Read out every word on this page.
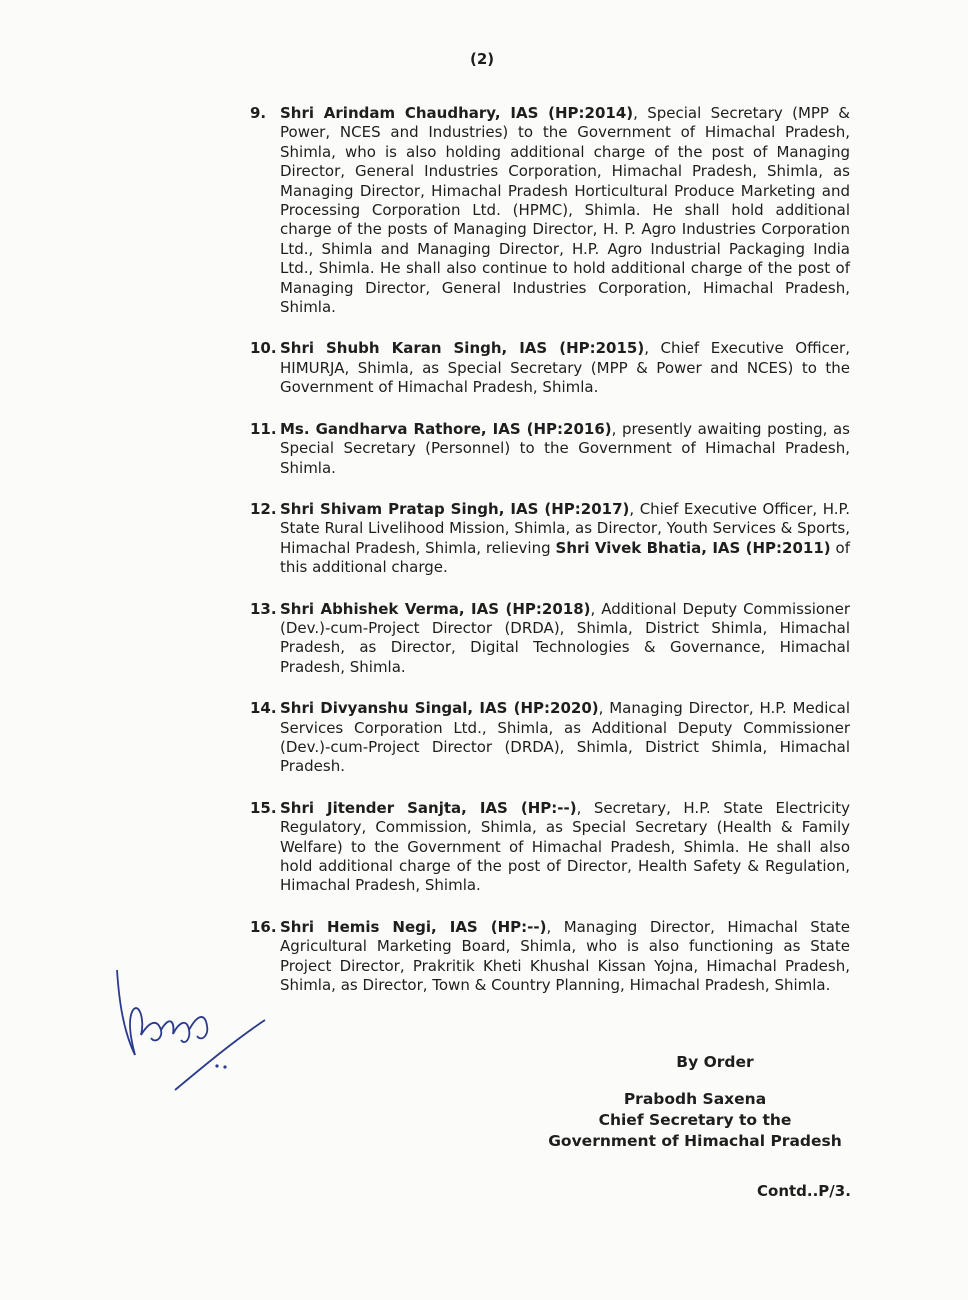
(2)
9. Shri Arindam Chaudhary, IAS (HP:2014), Special Secretary (MPP & Power, NCES and Industries) to the Government of Himachal Pradesh, Shimla, who is also holding additional charge of the post of Managing Director, General Industries Corporation, Himachal Pradesh, Shimla, as Managing Director, Himachal Pradesh Horticultural Produce Marketing and Processing Corporation Ltd. (HPMC), Shimla. He shall hold additional charge of the posts of Managing Director, H. P. Agro Industries Corporation Ltd., Shimla and Managing Director, H.P. Agro Industrial Packaging India Ltd., Shimla. He shall also continue to hold additional charge of the post of Managing Director, General Industries Corporation, Himachal Pradesh, Shimla.
10. Shri Shubh Karan Singh, IAS (HP:2015), Chief Executive Officer, HIMURJA, Shimla, as Special Secretary (MPP & Power and NCES) to the Government of Himachal Pradesh, Shimla.
11. Ms. Gandharva Rathore, IAS (HP:2016), presently awaiting posting, as Special Secretary (Personnel) to the Government of Himachal Pradesh, Shimla.
12. Shri Shivam Pratap Singh, IAS (HP:2017), Chief Executive Officer, H.P. State Rural Livelihood Mission, Shimla, as Director, Youth Services & Sports, Himachal Pradesh, Shimla, relieving Shri Vivek Bhatia, IAS (HP:2011) of this additional charge.
13. Shri Abhishek Verma, IAS (HP:2018), Additional Deputy Commissioner (Dev.)-cum-Project Director (DRDA), Shimla, District Shimla, Himachal Pradesh, as Director, Digital Technologies & Governance, Himachal Pradesh, Shimla.
14. Shri Divyanshu Singal, IAS (HP:2020), Managing Director, H.P. Medical Services Corporation Ltd., Shimla, as Additional Deputy Commissioner (Dev.)-cum-Project Director (DRDA), Shimla, District Shimla, Himachal Pradesh.
15. Shri Jitender Sanjta, IAS (HP:--), Secretary, H.P. State Electricity Regulatory, Commission, Shimla, as Special Secretary (Health & Family Welfare) to the Government of Himachal Pradesh, Shimla. He shall also hold additional charge of the post of Director, Health Safety & Regulation, Himachal Pradesh, Shimla.
16. Shri Hemis Negi, IAS (HP:--), Managing Director, Himachal State Agricultural Marketing Board, Shimla, who is also functioning as State Project Director, Prakritik Kheti Khushal Kissan Yojna, Himachal Pradesh, Shimla, as Director, Town & Country Planning, Himachal Pradesh, Shimla.
By Order
Prabodh Saxena
Chief Secretary to the
Government of Himachal Pradesh
Contd..P/3.
